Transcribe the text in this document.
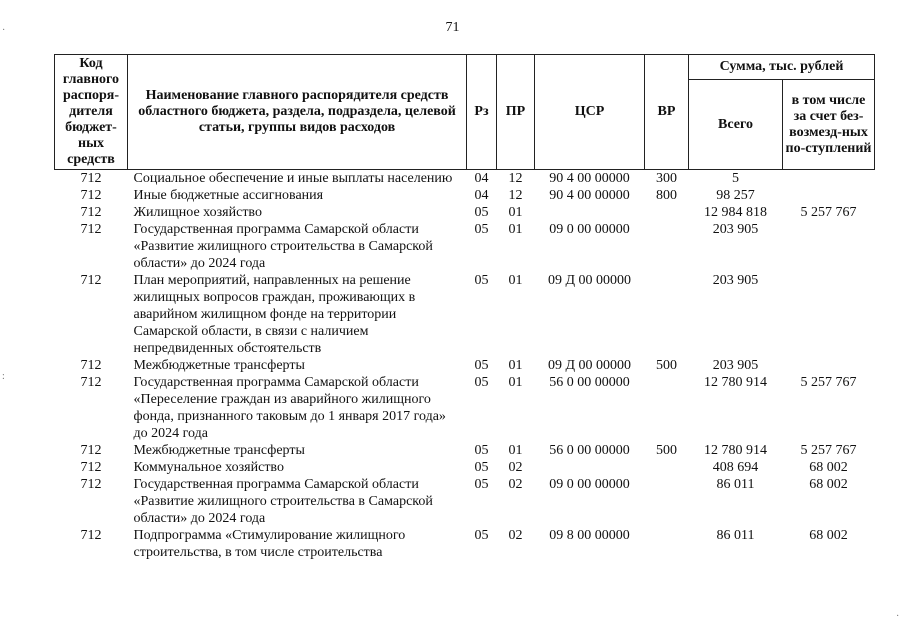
71
·
:
·
Код главного распоря-дителя бюджет-ных средств	Наименование главного распорядителя средств областного бюджета, раздела, подраздела, целевой статьи, группы видов расходов	Рз	ПР	ЦСР	ВР	Сумма, тыс. рублей	
						Всего	в том числе за счет без-возмезд-ных по-ступлений
712	Социальное обеспечение и иные выплаты населению	04	12	90 4 00 00000	300	5	
712	Иные бюджетные ассигнования	04	12	90 4 00 00000	800	98 257	
712	Жилищное хозяйство	05	01			12 984 818	5 257 767
712	Государственная программа Самарской области «Развитие жилищного строительства в Самарской области» до 2024 года	05	01	09 0 00 00000		203 905	
712	План мероприятий, направленных на решение жилищных вопросов граждан, проживающих в аварийном жилищном фонде на территории Самарской области, в связи с наличием непредвиденных обстоятельств	05	01	09 Д 00 00000		203 905	
712	Межбюджетные трансферты	05	01	09 Д 00 00000	500	203 905	
712	Государственная программа Самарской области «Переселение граждан из аварийного жилищного фонда, признанного таковым до 1 января 2017 года» до 2024 года	05	01	56 0 00 00000		12 780 914	5 257 767
712	Межбюджетные трансферты	05	01	56 0 00 00000	500	12 780 914	5 257 767
712	Коммунальное хозяйство	05	02			408 694	68 002
712	Государственная программа Самарской области «Развитие жилищного строительства в Самарской области» до 2024 года	05	02	09 0 00 00000		86 011	68 002
712	Подпрограмма «Стимулирование жилищного строительства, в том числе строительства	05	02	09 8 00 00000		86 011	68 002
